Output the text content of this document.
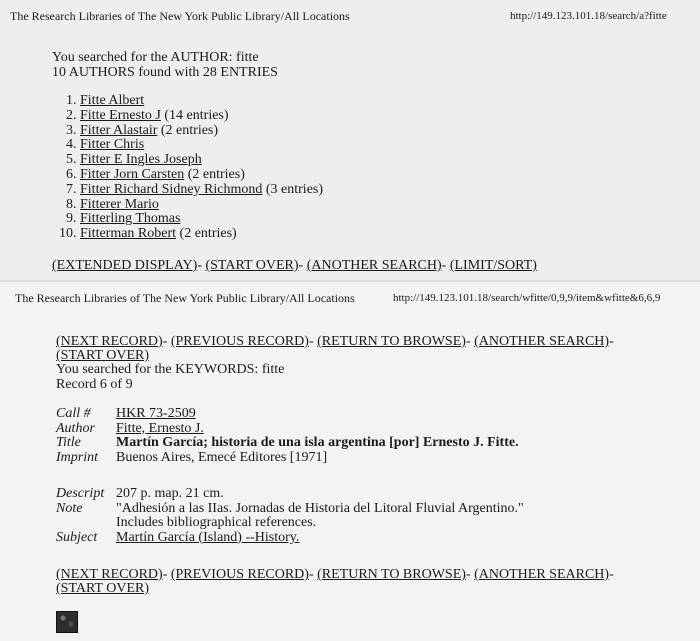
The Research Libraries of The New York Public Library/All Locations	http://149.123.101.18/search/a?fitte
You searched for the AUTHOR: fitte
10 AUTHORS found with 28 ENTRIES
1. Fitte Albert
2. Fitte Ernesto J (14 entries)
3. Fitter Alastair (2 entries)
4. Fitter Chris
5. Fitter E Ingles Joseph
6. Fitter Jorn Carsten (2 entries)
7. Fitter Richard Sidney Richmond (3 entries)
8. Fitterer Mario
9. Fitterling Thomas
10. Fitterman Robert (2 entries)
(EXTENDED DISPLAY)- (START OVER)- (ANOTHER SEARCH)- (LIMIT/SORT)
The Research Libraries of The New York Public Library/All Locations	http://149.123.101.18/search/wfitte/0,9,9/item&wfitte&6,6,9
(NEXT RECORD)- (PREVIOUS RECORD)- (RETURN TO BROWSE)- (ANOTHER SEARCH)-
(START OVER)
You searched for the KEYWORDS: fitte
Record 6 of 9
Call #	HKR 73-2509
Author	Fitte, Ernesto J.
Title	Martín García; historia de una isla argentina [por] Ernesto J. Fitte.
Imprint	Buenos Aires, Emecé Editores [1971]
Descript	207 p. map. 21 cm.
Note	"Adhesión a las IIas. Jornadas de Historia del Litoral Fluvial Argentino."
Includes bibliographical references.

Subject	Martín García (Island) --History.
(NEXT RECORD)- (PREVIOUS RECORD)- (RETURN TO BROWSE)- (ANOTHER SEARCH)-
(START OVER)
